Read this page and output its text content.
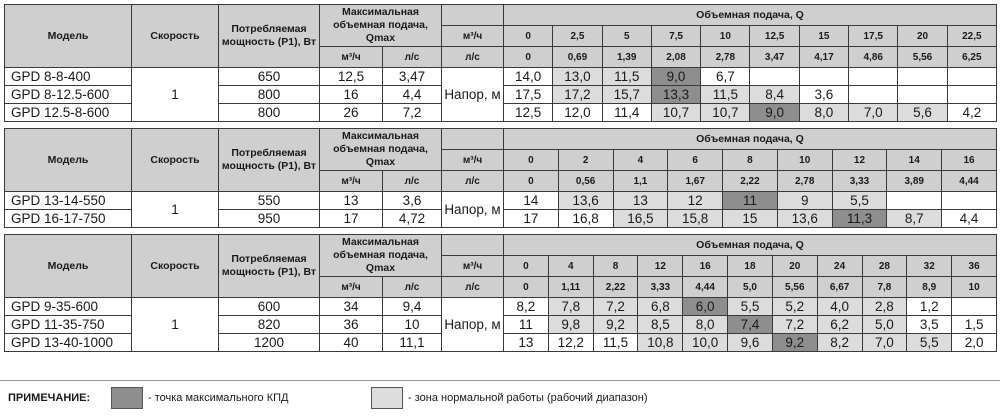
Модель	Скорость	Потребляемая мощность (P1), Вт	Максимальная объемная подача, Qmax			Объемная подача, Q									
					м³/ч	0	2,5	5	7,5	10	12,5	15	17,5	20	22,5
			м³/ч	л/с	л/с	0	0,69	1,39	2,08	2,78	3,47	4,17	4,86	5,56	6,25
GPD 8-8-400	1	650	12,5	3,47	Напор, м	14,0	13,0	11,5	9,0	6,7					
GPD 8-12.5-600		800	16	4,4		17,5	17,2	15,7	13,3	11,5	8,4	3,6			
GPD 12.5-8-600		800	26	7,2		12,5	12,0	11,4	10,7	10,7	9,0	8,0	7,0	5,6	4,2
Модель	Скорость	Потребляемая мощность (P1), Вт	Максимальная объемная подача, Qmax			Объемная подача, Q								
					м³/ч	0	2	4	6	8	10	12	14	16
			м³/ч	л/с	л/с	0	0,56	1,1	1,67	2,22	2,78	3,33	3,89	4,44
GPD 13-14-550	1	550	13	3,6	Напор, м	14	13,6	13	12	11	9	5,5		
GPD 16-17-750		950	17	4,72		17	16,8	16,5	15,8	15	13,6	11,3	8,7	4,4
Модель	Скорость	Потребляемая мощность (P1), Вт	Максимальная объемная подача, Qmax			Объемная подача, Q										
					м³/ч	0	4	8	12	16	18	20	24	28	32	36
			м³/ч	л/с	л/с	0	1,11	2,22	3,33	4,44	5,0	5,56	6,67	7,8	8,9	10
GPD 9-35-600	1	600	34	9,4	Напор, м	8,2	7,8	7,2	6,8	6,0	5,5	5,2	4,0	2,8	1,2	
GPD 11-35-750		820	36	10		11	9,8	9,2	8,5	8,0	7,4	7,2	6,2	5,0	3,5	1,5
GPD 13-40-1000		1200	40	11,1		13	12,2	11,5	10,8	10,0	9,6	9,2	8,2	7,0	5,5	2,0
ПРИМЕЧАНИЕ:	- точка максимального КПД	- зона нормальной работы (рабочий диапазон)
